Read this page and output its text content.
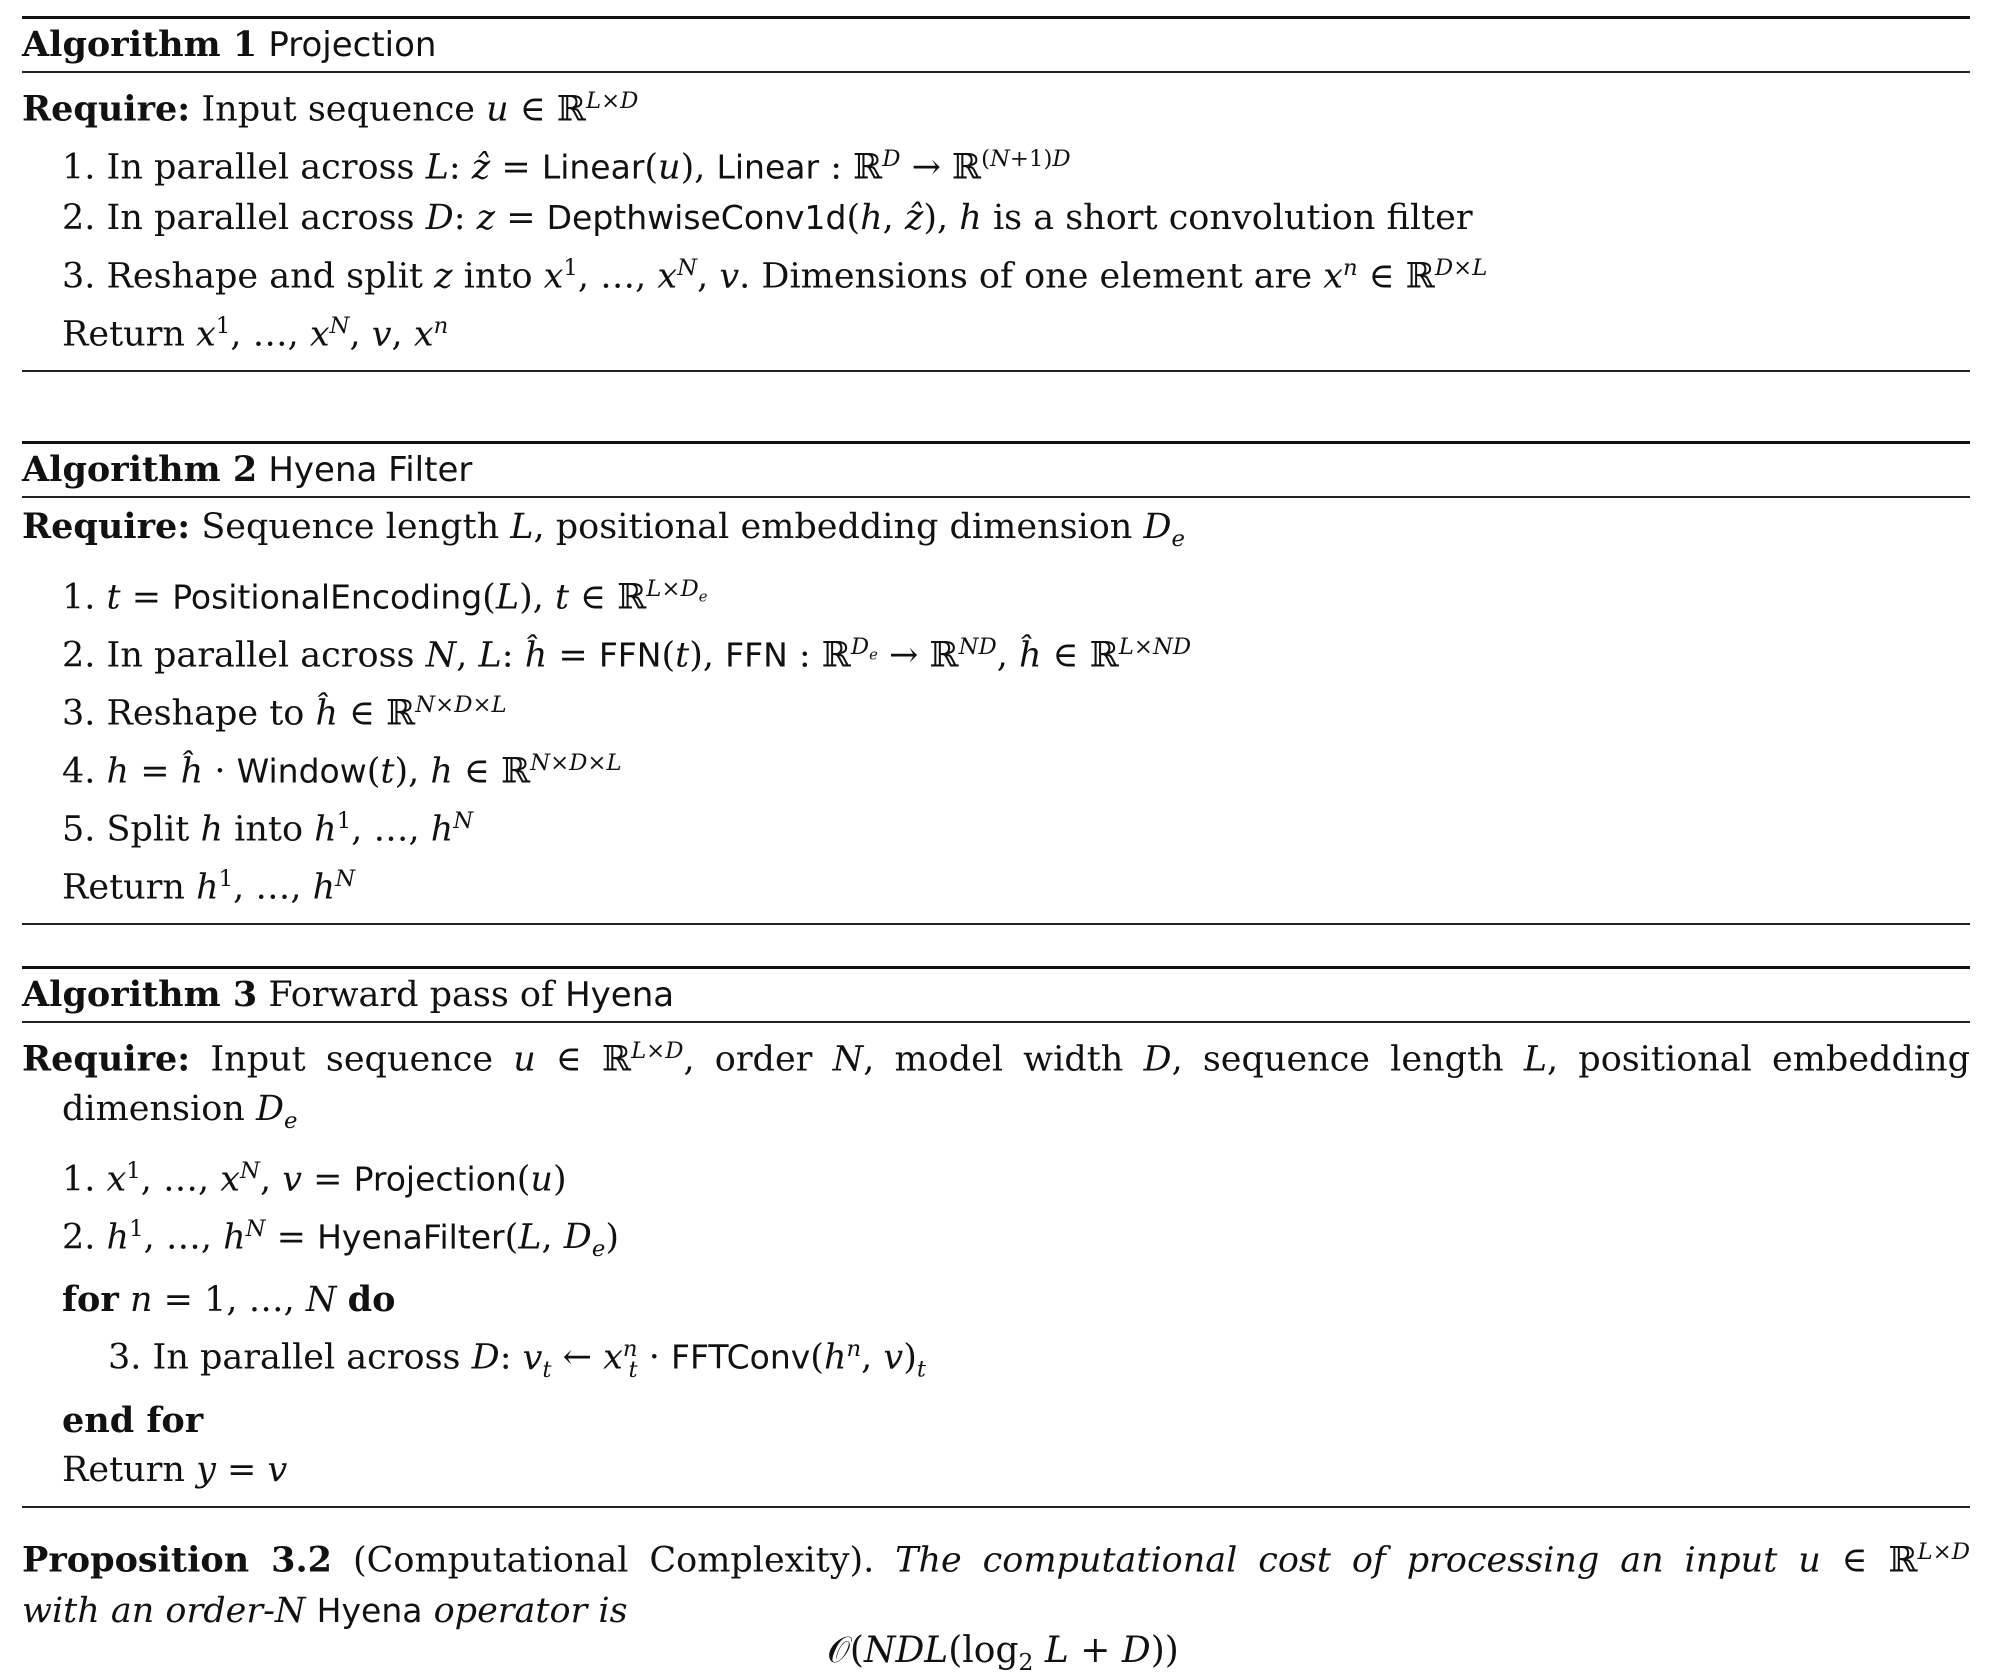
Algorithm 1 Projection
Require: Input sequence u ∈ ℝ$^{L\times D}$
1. In parallel across L: ẑ = Linear(u), Linear : ℝ$^D$ → ℝ$^{(N+1)D}$
2. In parallel across D: z = DepthwiseConv1d(h, ẑ), h is a short convolution filter
3. Reshape and split z into $x^1$, …, $x^N$, v. Dimensions of one element are $x^n$ ∈ ℝ$^{D\times L}$
Return $x^1$, …, $x^N$, v, $x^n$
Algorithm 2 Hyena Filter
Require: Sequence length L, positional embedding dimension $D_e$
1. t = PositionalEncoding(L), t ∈ ℝ$^{L\times D_e}$
2. In parallel across N, L: ĥ = FFN(t), FFN : ℝ$^{D_e}$ → ℝ$^{ND}$, ĥ ∈ ℝ$^{L\times ND}$
3. Reshape to ĥ ∈ ℝ$^{N\times D\times L}$
4. h = ĥ · Window(t), h ∈ ℝ$^{N\times D\times L}$
5. Split h into $h^1$, …, $h^N$
Return $h^1$, …, $h^N$
Algorithm 3 Forward pass of Hyena
Require: Input sequence u ∈ ℝ$^{L\times D}$, order N, model width D, sequence length L, positional embedding
dimension $D_e$
1. $x^1$, …, $x^N$, v = Projection(u)
2. $h^1$, …, $h^N$ = HyenaFilter(L, $D_e$)
for n = 1, …, N do
3. In parallel across D: $v_t$ ← $x^n_t$ · $FFTConv(h^n$, $v)_t$
end for
Return y = v
Proposition 3.2 (Computational Complexity). The computational cost of processing an input u ∈ ℝ$^{L\times D}$
with an order-N Hyena operator is
$𝒪(NDL(\log_2$ L + D))
